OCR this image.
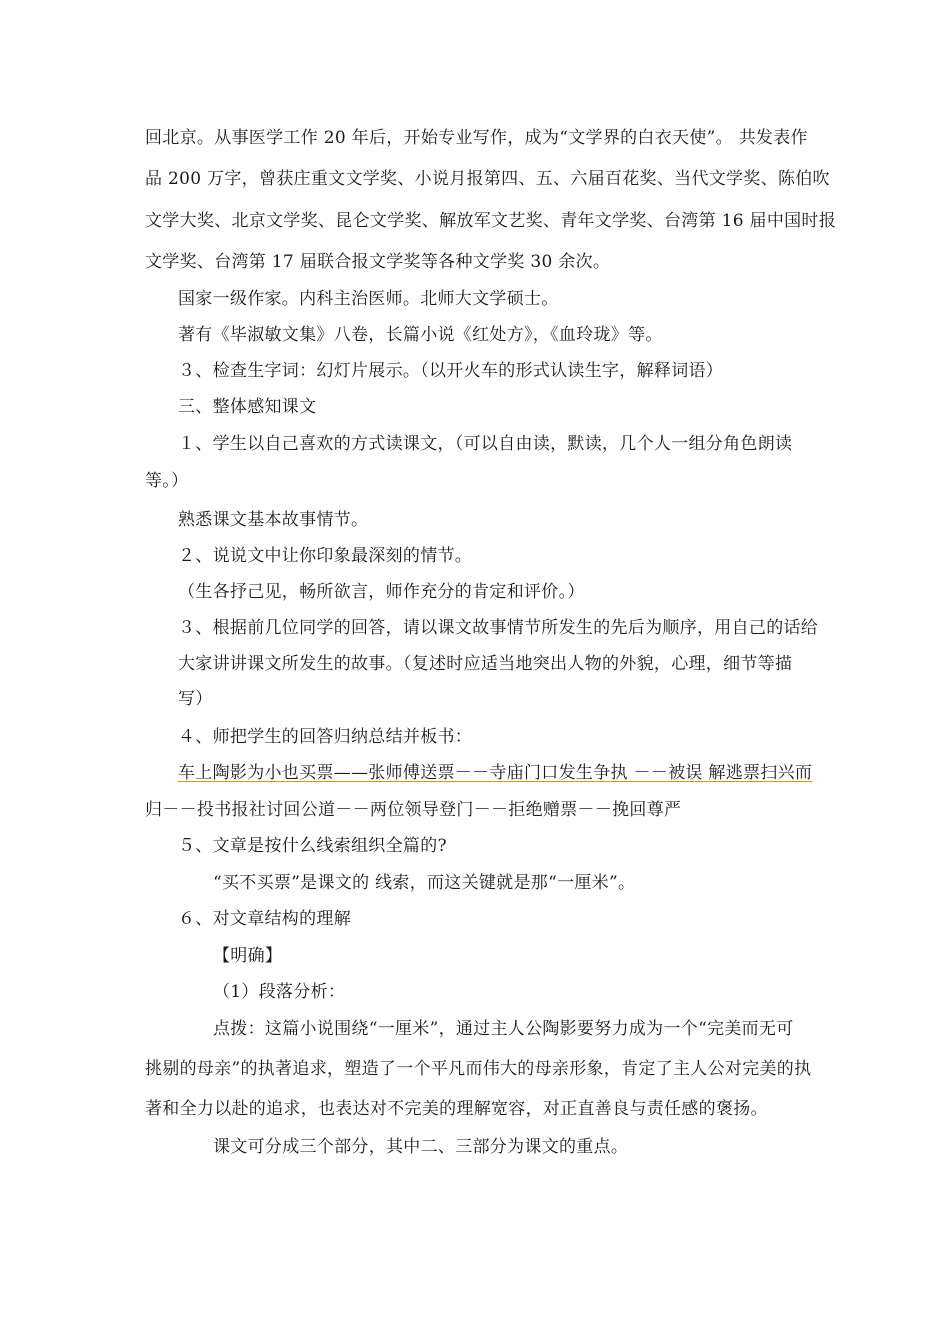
回北京。从事医学工作 20 年后，开始专业写作，成为“文学界的白衣天使”。 共发表作
品 200 万字，曾获庄重文文学奖、小说月报第四、五、六届百花奖、当代文学奖、陈伯吹
文学大奖、北京文学奖、昆仑文学奖、解放军文艺奖、青年文学奖、台湾第 16 届中国时报
文学奖、台湾第 17 届联合报文学奖等各种文学奖 30 余次。
国家一级作家。内科主治医师。北师大文学硕士。
著有《毕淑敏文集》八卷，长篇小说《红处方》，《血玲珑》等。
３、检查生字词：幻灯片展示。（以开火车的形式认读生字，解释词语）
三、整体感知课文
１、学生以自己喜欢的方式读课文，（可以自由读，默读，几个人一组分角色朗读
等。）
熟悉课文基本故事情节。
２、说说文中让你印象最深刻的情节。
（生各抒己见，畅所欲言，师作充分的肯定和评价。）
３、根据前几位同学的回答，请以课文故事情节所发生的先后为顺序，用自己的话给
大家讲讲课文所发生的故事。（复述时应适当地突出人物的外貌，心理，细节等描
写）
４、师把学生的回答归纳总结并板书：
车上陶影为小也买票——张师傅送票－－寺庙门口发生争执 －－被误 解逃票扫兴而
归－－投书报社讨回公道－－两位领导登门－－拒绝赠票－－挽回尊严
５、文章是按什么线索组织全篇的?
“买不买票”是课文的 线索，而这关键就是那“一厘米”。
６、对文章结构的理解
【明确】
（1）段落分析：
点拨：这篇小说围绕“一厘米”，通过主人公陶影要努力成为一个“完美而无可
挑剔的母亲”的执著追求，塑造了一个平凡而伟大的母亲形象，肯定了主人公对完美的执
著和全力以赴的追求，也表达对不完美的理解宽容，对正直善良与责任感的褒扬。
课文可分成三个部分，其中二、三部分为课文的重点。
